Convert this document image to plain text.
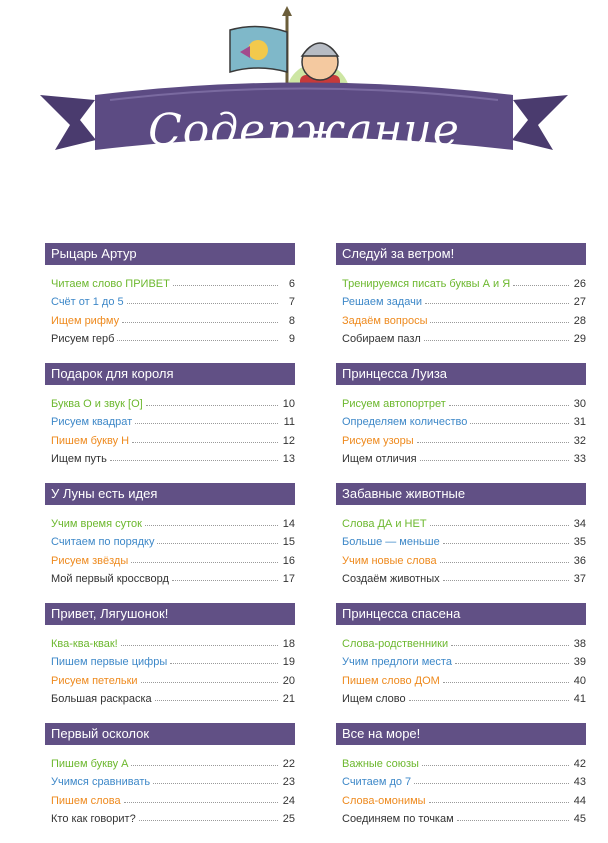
Содержание
Рыцарь Артур
Читаем слово ПРИВЕТ	6
Счёт от 1 до 5	7
Ищем рифму	8
Рисуем герб	9
Подарок для короля
Буква О и звук [О]	10
Рисуем квадрат	11
Пишем букву Н	12
Ищем путь	13
У Луны есть идея
Учим время суток	14
Считаем по порядку	15
Рисуем звёзды	16
Мой первый кроссворд	17
Привет, Лягушонок!
Ква-ква-квак!	18
Пишем первые цифры	19
Рисуем петельки	20
Большая раскраска	21
Первый осколок
Пишем букву А	22
Учимся сравнивать	23
Пишем слова	24
Кто как говорит?	25
Следуй за ветром!
Тренируемся писать буквы А и Я	26
Решаем задачи	27
Задаём вопросы	28
Собираем пазл	29
Принцесса Луиза
Рисуем автопортрет	30
Определяем количество	31
Рисуем узоры	32
Ищем отличия	33
Забавные животные
Слова ДА и НЕТ	34
Больше — меньше	35
Учим новые слова	36
Создаём животных	37
Принцесса спасена
Слова-родственники	38
Учим предлоги места	39
Пишем слово ДОМ	40
Ищем слово	41
Все на море!
Важные союзы	42
Считаем до 7	43
Слова-омонимы	44
Соединяем по точкам	45
